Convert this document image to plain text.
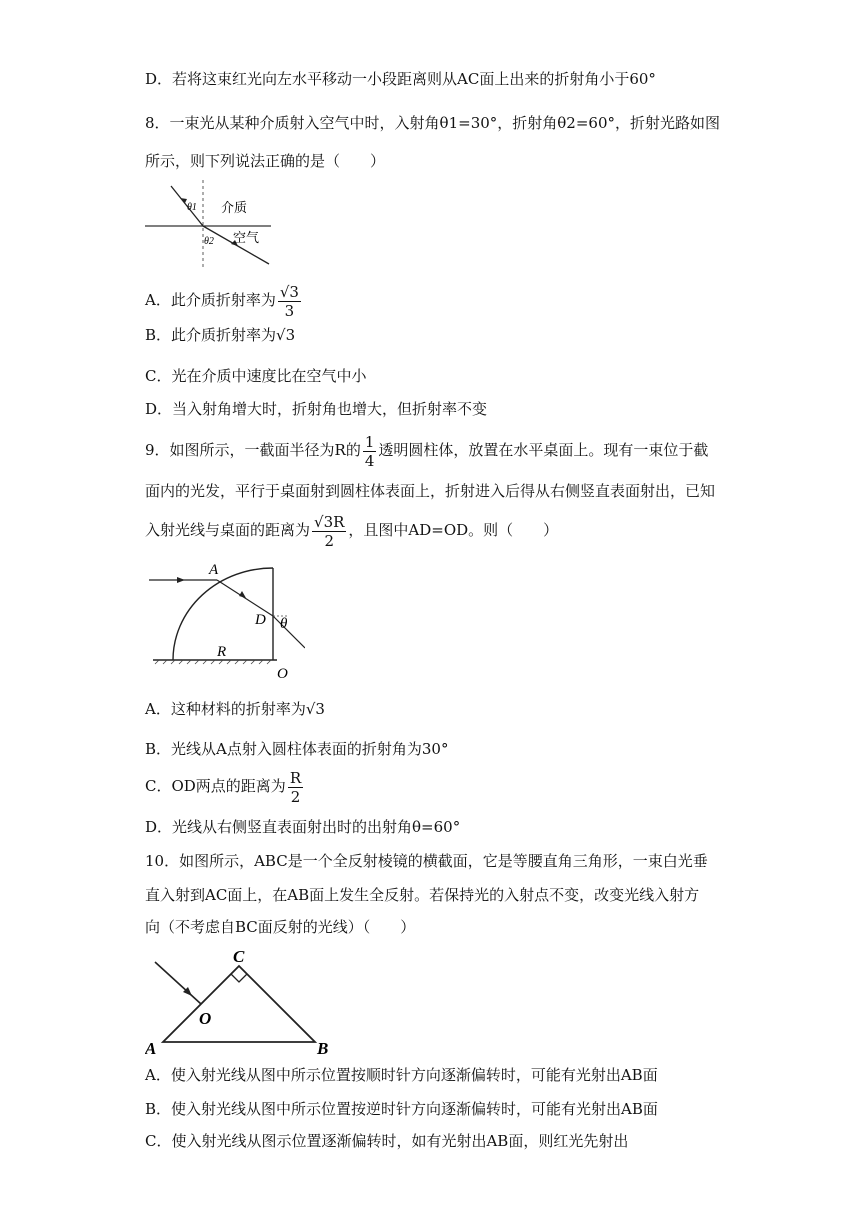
D．若将这束红光向左水平移动一小段距离则从AC面上出来的折射角小于60°
8．一束光从某种介质射入空气中时，入射角θ1=30°，折射角θ2=60°，折射光路如图
所示，则下列说法正确的是（　　）
θ1
θ2
介质
空气
A．此介质折射率为 $\frac{√3}{3}$
B．此介质折射率为√3
C．光在介质中速度比在空气中小
D．当入射角增大时，折射角也增大，但折射率不变
9．如图所示，一截面半径为R的 $\frac{1}{4}$ 透明圆柱体，放置在水平桌面上。现有一束位于截
面内的光发，平行于桌面射到圆柱体表面上，折射进入后得从右侧竖直表面射出，已知
入射光线与桌面的距离为 $\frac{√3R}{2}$ ，且图中AD=OD。则（　　）
A
D θ
R
O
A．这种材料的折射率为√3
B．光线从A点射入圆柱体表面的折射角为30°
C．OD两点的距离为 $\frac{R}{2}$
D．光线从右侧竖直表面射出时的出射角θ=60°
10．如图所示，ABC是一个全反射棱镜的横截面，它是等腰直角三角形，一束白光垂
直入射到AC面上，在AB面上发生全反射。若保持光的入射点不变，改变光线入射方
向（不考虑自BC面反射的光线）（　　）
A	B
C
O
A．使入射光线从图中所示位置按顺时针方向逐渐偏转时，可能有光射出AB面
B．使入射光线从图中所示位置按逆时针方向逐渐偏转时，可能有光射出AB面
C．使入射光线从图示位置逐渐偏转时，如有光射出AB面，则红光先射出
